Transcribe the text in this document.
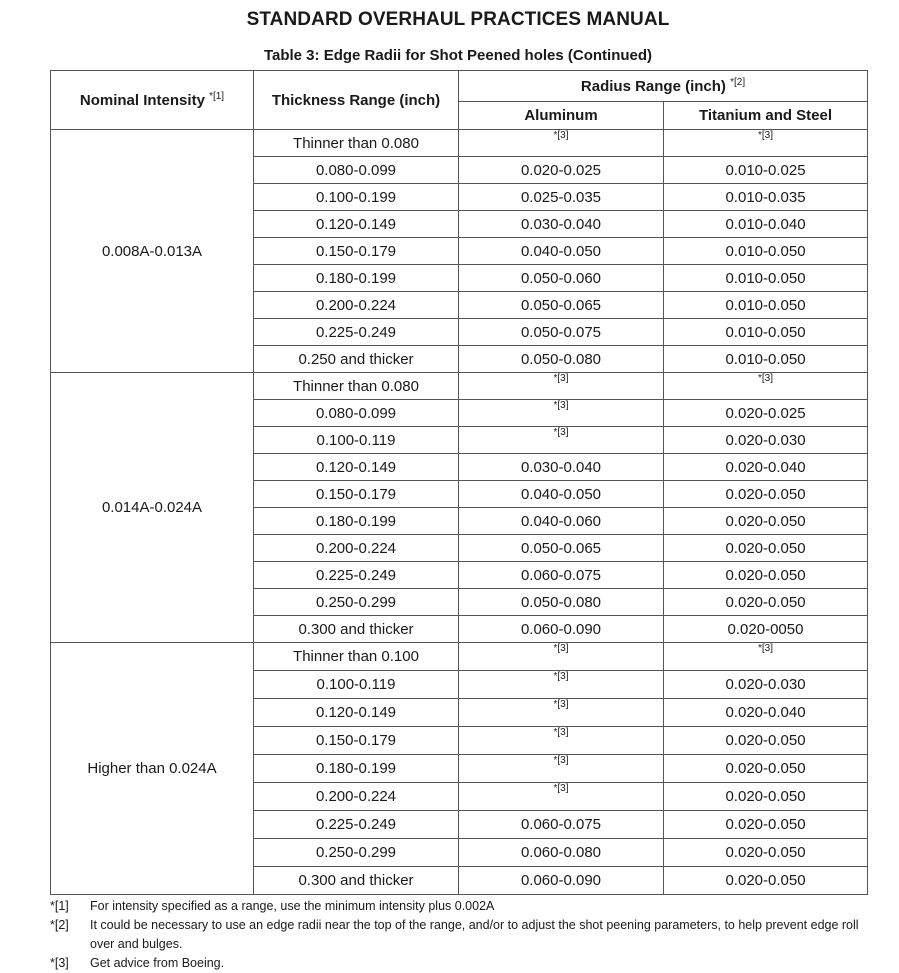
STANDARD OVERHAUL PRACTICES MANUAL
Table 3: Edge Radii for Shot Peened holes (Continued)
Nominal Intensity $^{*[1]}$	Thickness Range (inch)	Radius Range (inch) $^{*[2]}$
		Aluminum	Titanium and Steel
0.008A-0.013A	Thinner than 0.080	*[3]	*[3]
	0.080-0.099	0.020-0.025	0.010-0.025
	0.100-0.199	0.025-0.035	0.010-0.035
	0.120-0.149	0.030-0.040	0.010-0.040
	0.150-0.179	0.040-0.050	0.010-0.050
	0.180-0.199	0.050-0.060	0.010-0.050
	0.200-0.224	0.050-0.065	0.010-0.050
	0.225-0.249	0.050-0.075	0.010-0.050
	0.250 and thicker	0.050-0.080	0.010-0.050
0.014A-0.024A	Thinner than 0.080	*[3]	*[3]
	0.080-0.099	*[3]	0.020-0.025
	0.100-0.119	*[3]	0.020-0.030
	0.120-0.149	0.030-0.040	0.020-0.040
	0.150-0.179	0.040-0.050	0.020-0.050
	0.180-0.199	0.040-0.060	0.020-0.050
	0.200-0.224	0.050-0.065	0.020-0.050
	0.225-0.249	0.060-0.075	0.020-0.050
	0.250-0.299	0.050-0.080	0.020-0.050
	0.300 and thicker	0.060-0.090	0.020-0050
Higher than 0.024A	Thinner than 0.100	*[3]	*[3]
	0.100-0.119	*[3]	0.020-0.030
	0.120-0.149	*[3]	0.020-0.040
	0.150-0.179	*[3]	0.020-0.050
	0.180-0.199	*[3]	0.020-0.050
	0.200-0.224	*[3]	0.020-0.050
	0.225-0.249	0.060-0.075	0.020-0.050
	0.250-0.299	0.060-0.080	0.020-0.050
	0.300 and thicker	0.060-0.090	0.020-0.050
*[1] For intensity specified as a range, use the minimum intensity plus 0.002A
*[2] It could be necessary to use an edge radii near the top of the range, and/or to adjust the shot peening parameters, to help prevent edge roll over and bulges.
*[3] Get advice from Boeing.
